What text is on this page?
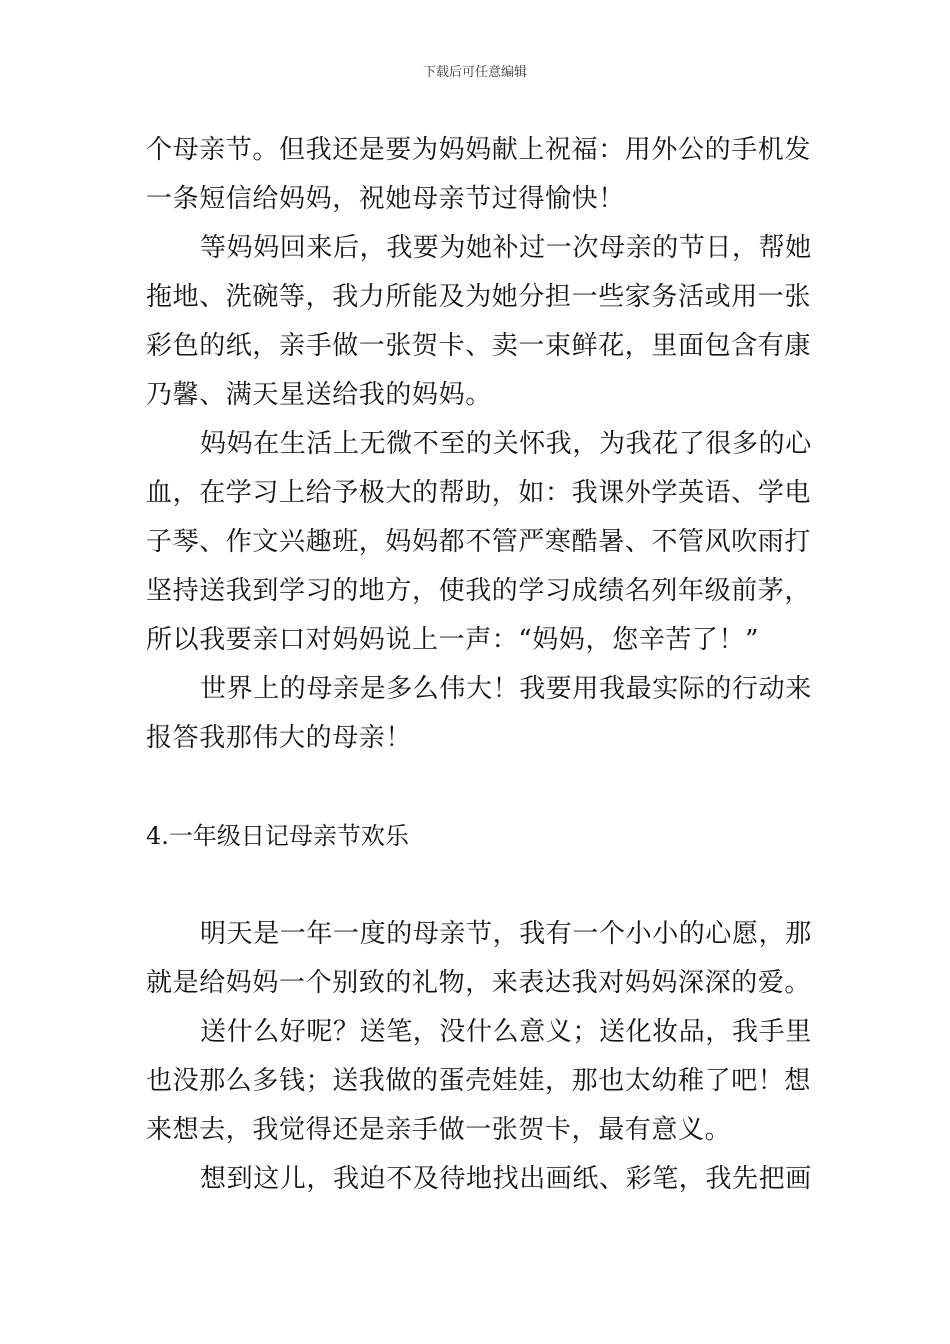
下载后可任意编辑
个母亲节。但我还是要为妈妈献上祝福：用外公的手机发
一条短信给妈妈，祝她母亲节过得愉快！
等妈妈回来后，我要为她补过一次母亲的节日，帮她
拖地、洗碗等，我力所能及为她分担一些家务活或用一张
彩色的纸，亲手做一张贺卡、卖一束鲜花，里面包含有康
乃馨、满天星送给我的妈妈。
妈妈在生活上无微不至的关怀我，为我花了很多的心
血，在学习上给予极大的帮助，如：我课外学英语、学电
子琴、作文兴趣班，妈妈都不管严寒酷暑、不管风吹雨打
坚持送我到学习的地方，使我的学习成绩名列年级前茅，
所以我要亲口对妈妈说上一声：“妈妈，您辛苦了！”
世界上的母亲是多么伟大！我要用我最实际的行动来
报答我那伟大的母亲！
4.一年级日记母亲节欢乐
明天是一年一度的母亲节，我有一个小小的心愿，那
就是给妈妈一个别致的礼物，来表达我对妈妈深深的爱。
送什么好呢？送笔，没什么意义；送化妆品，我手里
也没那么多钱；送我做的蛋壳娃娃，那也太幼稚了吧！想
来想去，我觉得还是亲手做一张贺卡，最有意义。
想到这儿，我迫不及待地找出画纸、彩笔，我先把画
